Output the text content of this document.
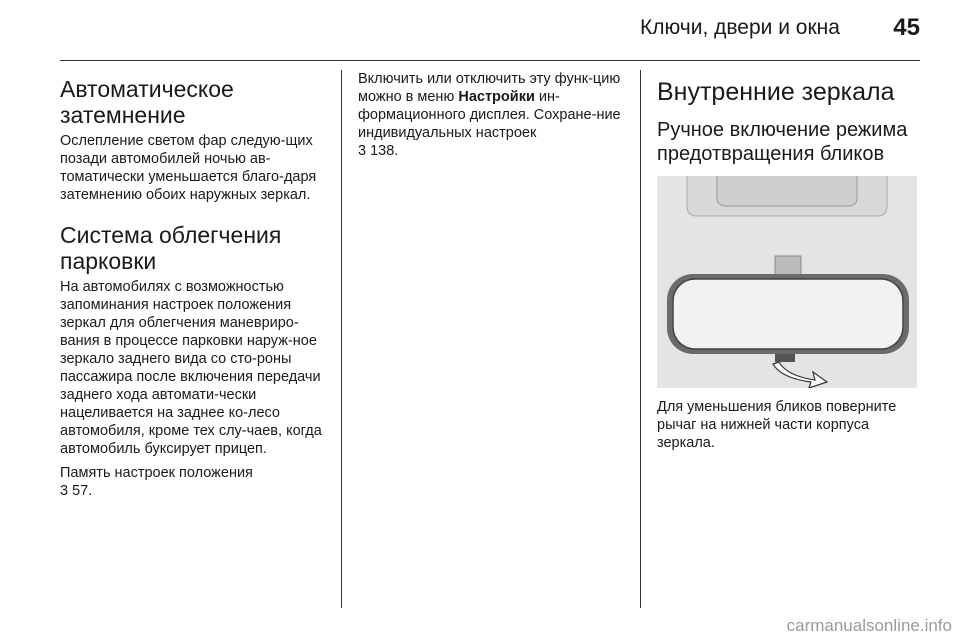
Ключи, двери и окна 45
Автоматическое затемнение

Ослепление светом фар следую-щих позади автомобилей ночью ав-томатически уменьшается благо-даря затемнению обоих наружных зеркал.

Система облегчения парковки

На автомобилях с возможностью запоминания настроек положения зеркал для облегчения маневриро-вания в процессе парковки наруж-ное зеркало заднего вида со сто-роны пассажира после включения передачи заднего хода автомати-чески нацеливается на заднее ко-лесо автомобиля, кроме тех слу-чаев, когда автомобиль буксирует прицеп.

Память настроек положения
3 57.

Включить или отключить эту функ-цию можно в меню Настройки ин-формационного дисплея. Сохране-ние индивидуальных настроек
3 138.

Внутренние зеркала
Ручное включение режима предотвращения бликов

Для уменьшения бликов поверните рычаг на нижней части корпуса зеркала.

carmanualsonline.info
